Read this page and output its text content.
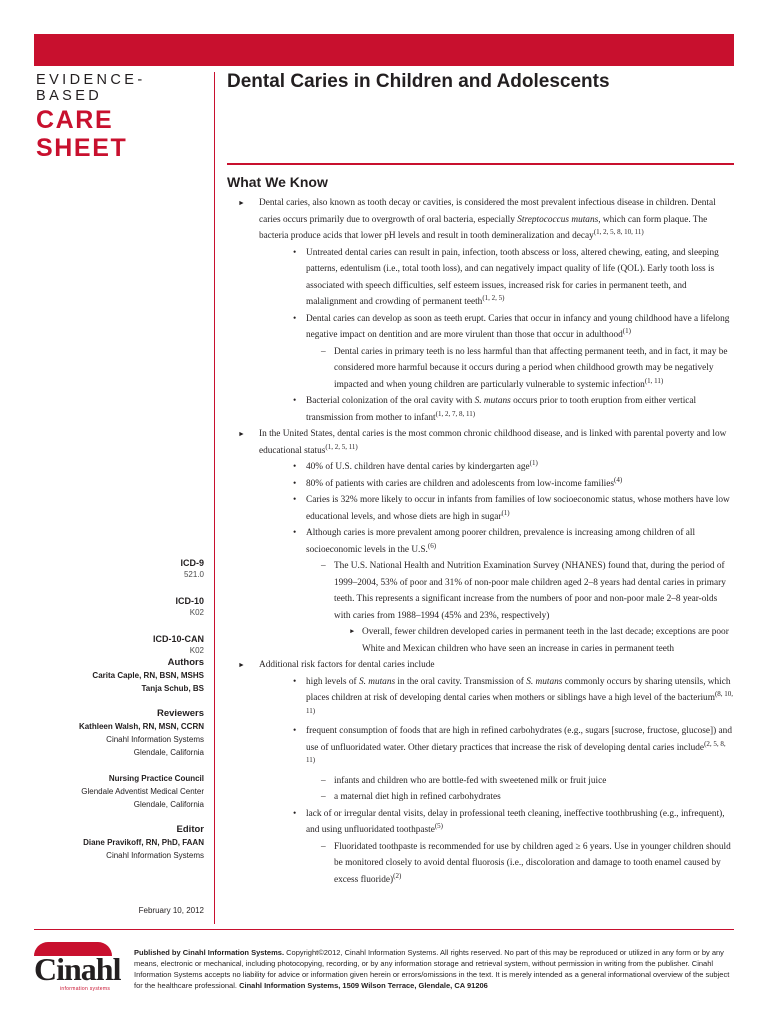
EVIDENCE-BASED
CARE SHEET
Dental Caries in Children and Adolescents
What We Know
ICD-9
521.0
ICD-10
K02
ICD-10-CAN
K02
Authors
Carita Caple, RN, BSN, MSHS
Tanja Schub, BS
Reviewers
Kathleen Walsh, RN, MSN, CCRN
Cinahl Information Systems
Glendale, California
Nursing Practice Council
Glendale Adventist Medical Center
Glendale, California
Editor
Diane Pravikoff, RN, PhD, FAAN
Cinahl Information Systems
February 10, 2012
► Dental caries, also known as tooth decay or cavities, is considered the most prevalent infectious disease in children. Dental caries occurs primarily due to overgrowth of oral bacteria, especially Streptococcus mutans, which can form plaque. The bacteria produce acids that lower pH levels and result in tooth demineralization and decay$^{(1, 2, 5, 8, 10, 11)}$
• Untreated dental caries can result in pain, infection, tooth abscess or loss, altered chewing, eating, and sleeping patterns, edentulism (i.e., total tooth loss), and can negatively impact quality of life (QOL). Early tooth loss is associated with speech difficulties, self esteem issues, increased risk for caries in permanent teeth, and malalignment and crowding of permanent teeth$^{(1, 2, 5)}$
• Dental caries can develop as soon as teeth erupt. Caries that occur in infancy and young childhood have a lifelong negative impact on dentition and are more virulent than those that occur in adulthood$^{(1)}$
– Dental caries in primary teeth is no less harmful than that affecting permanent teeth, and in fact, it may be considered more harmful because it occurs during a period when childhood growth may be negatively impacted and when young children are particularly vulnerable to systemic infection$^{(1, 11)}$
• Bacterial colonization of the oral cavity with S. mutans occurs prior to tooth eruption from either vertical transmission from mother to infant$^{(1, 2, 7, 8, 11)}$
► In the United States, dental caries is the most common chronic childhood disease, and is linked with parental poverty and low educational status$^{(1, 2, 5, 11)}$
• 40% of U.S. children have dental caries by kindergarten age$^{(1)}$
• 80% of patients with caries are children and adolescents from low-income families$^{(4)}$
• Caries is 32% more likely to occur in infants from families of low socioeconomic status, whose mothers have low educational levels, and whose diets are high in sugar$^{(1)}$
• Although caries is more prevalent among poorer children, prevalence is increasing among children of all socioeconomic levels in the U.S.$^{(6)}$
– The U.S. National Health and Nutrition Examination Survey (NHANES) found that, during the period of 1999–2004, 53% of poor and 31% of non-poor male children aged 2–8 years had dental caries in primary teeth. This represents a significant increase from the numbers of poor and non-poor male 2–8 year-olds with caries from 1988–1994 (45% and 23%, respectively)
► Overall, fewer children developed caries in permanent teeth in the last decade; exceptions are poor White and Mexican children who have seen an increase in caries in permanent teeth
► Additional risk factors for dental caries include
• high levels of S. mutans in the oral cavity. Transmission of S. mutans commonly occurs by sharing utensils, which places children at risk of developing dental caries when mothers or siblings have a high level of the bacterium$^{(8, 10, 11)}$
• frequent consumption of foods that are high in refined carbohydrates (e.g., sugars [sucrose, fructose, glucose]) and use of unfluoridated water. Other dietary practices that increase the risk of developing dental caries include$^{(2, 5, 8, 11)}$
– infants and children who are bottle-fed with sweetened milk or fruit juice
– a maternal diet high in refined carbohydrates
• lack of or irregular dental visits, delay in professional teeth cleaning, ineffective toothbrushing (e.g., infrequent), and using unfluoridated toothpaste$^{(5)}$
– Fluoridated toothpaste is recommended for use by children aged ≥ 6 years. Use in younger children should be monitored closely to avoid dental fluorosis (i.e., discoloration and damage to tooth enamel caused by excess fluoride)$^{(2)}$
Cinahl
information systems
Published by Cinahl Information Systems. Copyright©2012, Cinahl Information Systems. All rights reserved. No part of this may be reproduced or utilized in any form or by any means, electronic or mechanical, including photocopying, recording, or by any information storage and retrieval system, without permission in writing from the publisher. Cinahl Information Systems accepts no liability for advice or information given herein or errors/omissions in the text. It is merely intended as a general informational overview of the subject for the healthcare professional. Cinahl Information Systems, 1509 Wilson Terrace, Glendale, CA 91206
